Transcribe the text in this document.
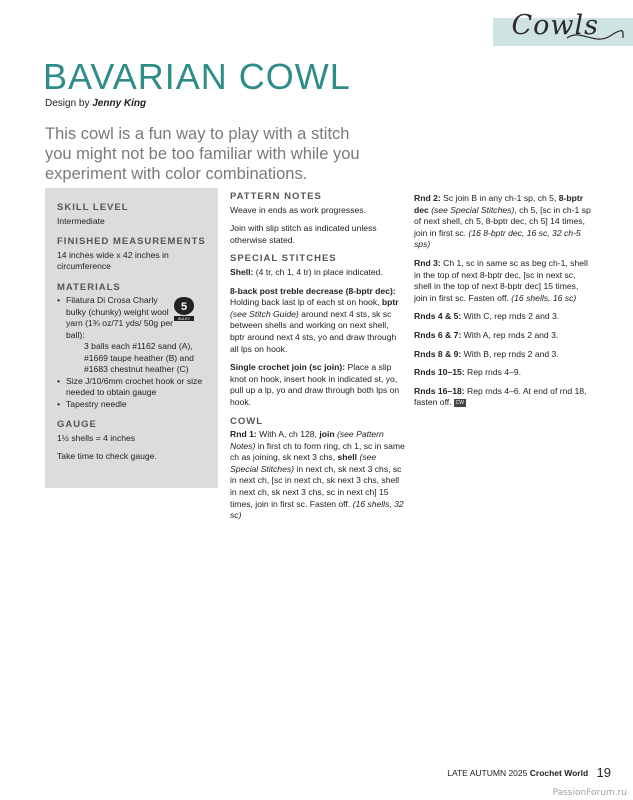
Cowls
BAVARIAN COWL
Design by Jenny King
This cowl is a fun way to play with a stitch
you might not be too familiar with while you
experiment with color combinations.
SKILL LEVEL
Intermediate
FINISHED MEASUREMENTS
14 inches wide x 42 inches in circumference
MATERIALS
• Filatura Di Crosa Charly bulky (chunky) weight wool yarn (1¾ oz/71 yds/ 50g per ball):
3 balls each #1162 sand (A), #1669 taupe heather (B) and #1683 chestnut heather (C)
• Size J/10/6mm crochet hook or size needed to obtain gauge
• Tapestry needle
GAUGE
1½ shells = 4 inches
Take time to check gauge.
5
BULKY
PATTERN NOTES

Weave in ends as work progresses.

Join with slip stitch as indicated unless otherwise stated.

SPECIAL STITCHES

Shell: (4 tr, ch 1, 4 tr) in place indicated.

8-back post treble decrease (8-bptr dec): Holding back last lp of each st on hook, bptr (see Stitch Guide) around next 4 sts, sk sc between shells and working on next shell, bptr around next 4 sts, yo and draw through all lps on hook.

Single crochet join (sc join): Place a slip knot on hook, insert hook in indicated st, yo, pull up a lp, yo and draw through both lps on hook.

COWL

Rnd 1: With A, ch 128, join (see Pattern Notes) in first ch to form ring, ch 1, sc in same ch as joining, sk next 3 chs, shell (see Special Stitches) in next ch, sk next 3 chs, sc in next ch, [sc in next ch, sk next 3 chs, shell in next ch, sk next 3 chs, sc in next ch] 15 times, join in first sc. Fasten off. (16 shells, 32 sc)

Rnd 2: Sc join B in any ch-1 sp, ch 5, 8-bptr dec (see Special Stitches), ch 5, [sc in ch-1 sp of next shell, ch 5, 8-bptr dec, ch 5] 14 times, join in first sc. (16 8-bptr dec, 16 sc, 32 ch-5 sps)

Rnd 3: Ch 1, sc in same sc as beg ch-1, shell in the top of next 8-bptr dec, [sc in next sc, shell in the top of next 8-bptr dec] 15 times, join in first sc. Fasten off. (16 shells, 16 sc)

Rnds 4 & 5: With C, rep rnds 2 and 3.

Rnds 6 & 7: With A, rep rnds 2 and 3.

Rnds 8 & 9: With B, rep rnds 2 and 3.

Rnds 10–15: Rep rnds 4–9.

Rnds 16–18: Rep rnds 4–6. At end of rnd 18, fasten off. CW

LATE AUTUMN 2025 Crochet World 19
PassionForum.ru
